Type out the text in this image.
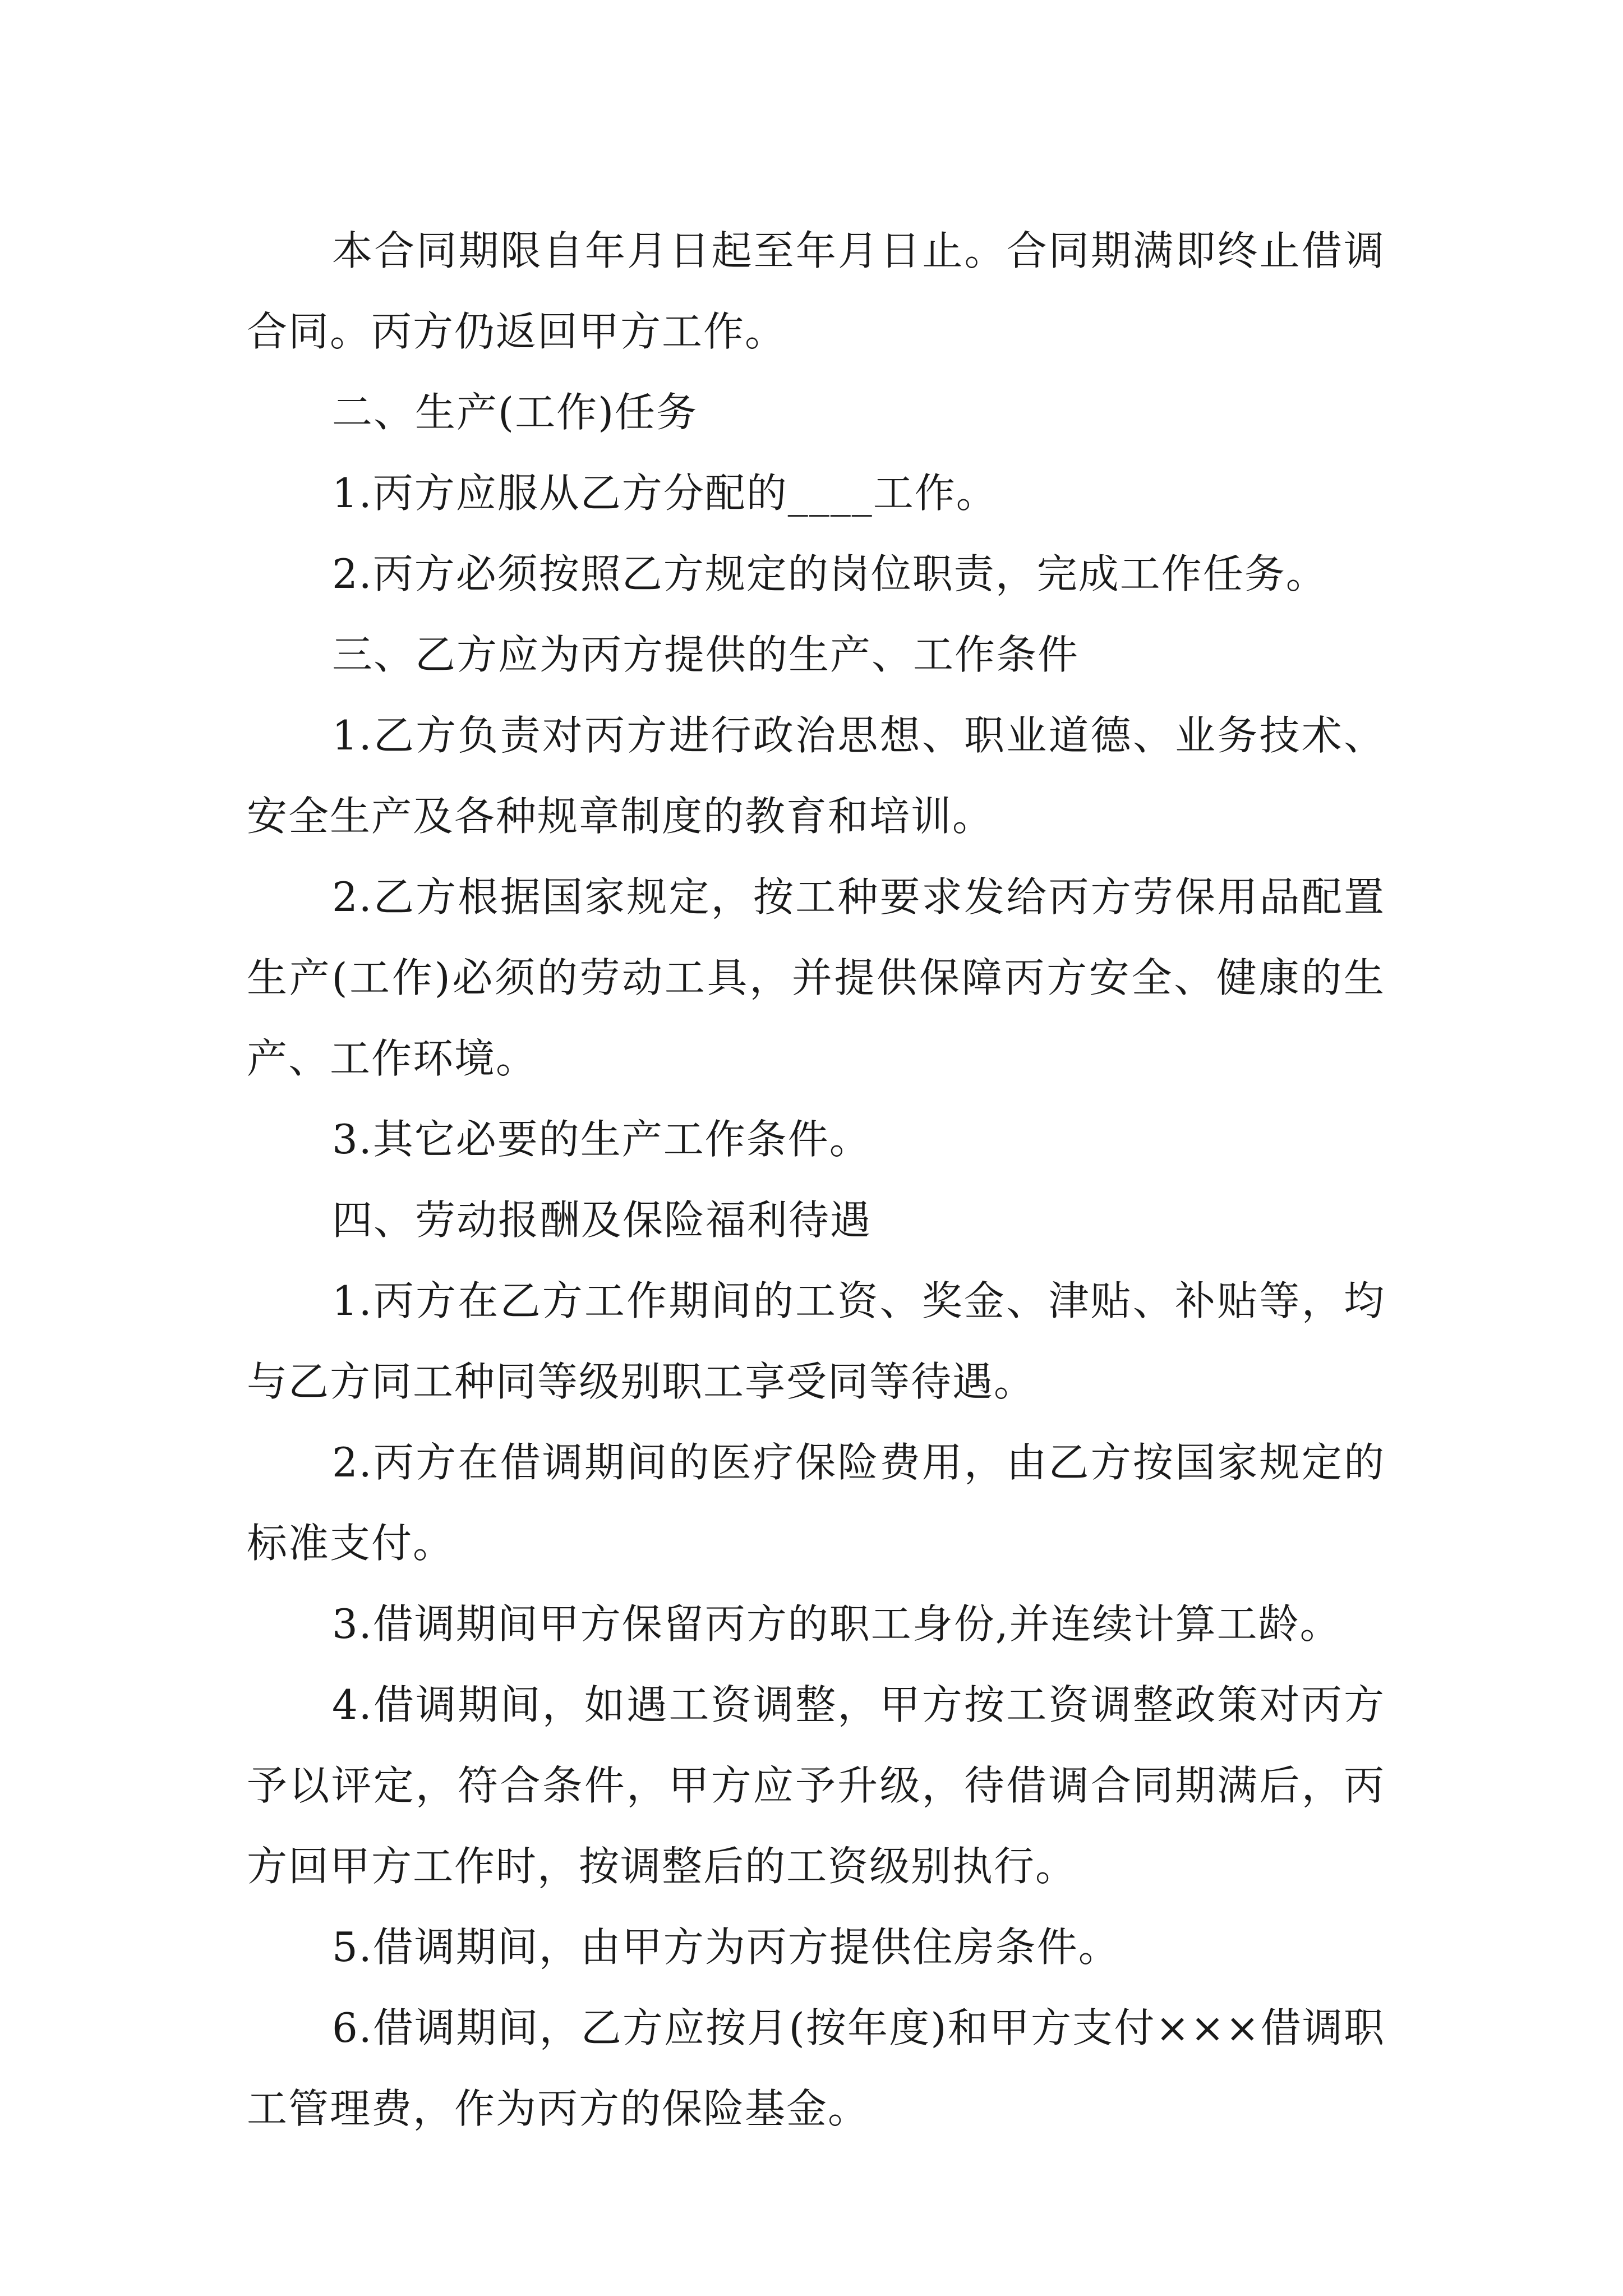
本合同期限自年月日起至年月日止。合同期满即终止借调合同。丙方仍返回甲方工作。

二、生产(工作)任务

1.丙方应服从乙方分配的____工作。

2.丙方必须按照乙方规定的岗位职责，完成工作任务。

三、乙方应为丙方提供的生产、工作条件

1.乙方负责对丙方进行政治思想、职业道德、业务技术、安全生产及各种规章制度的教育和培训。

2.乙方根据国家规定，按工种要求发给丙方劳保用品配置生产(工作)必须的劳动工具，并提供保障丙方安全、健康的生产、工作环境。

3.其它必要的生产工作条件。

四、劳动报酬及保险福利待遇

1.丙方在乙方工作期间的工资、奖金、津贴、补贴等，均与乙方同工种同等级别职工享受同等待遇。

2.丙方在借调期间的医疗保险费用，由乙方按国家规定的标准支付。

3.借调期间甲方保留丙方的职工身份,并连续计算工龄。

4.借调期间，如遇工资调整，甲方按工资调整政策对丙方予以评定，符合条件，甲方应予升级，待借调合同期满后，丙方回甲方工作时，按调整后的工资级别执行。

5.借调期间，由甲方为丙方提供住房条件。

6.借调期间，乙方应按月(按年度)和甲方支付×××借调职工管理费，作为丙方的保险基金。
